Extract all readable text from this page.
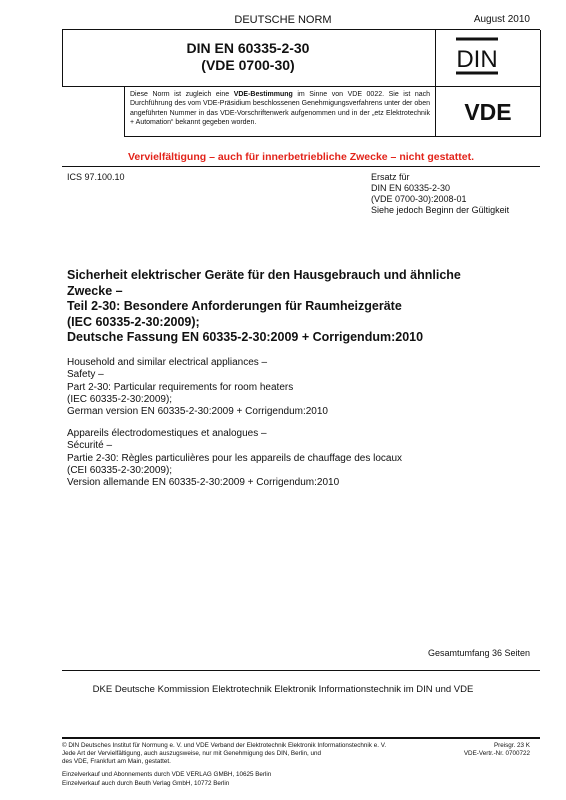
DEUTSCHE NORM	August 2010
DIN EN 60335-2-30
(VDE 0700-30)	DIN
Diese Norm ist zugleich eine VDE-Bestimmung im Sinne von VDE 0022. Sie ist nach Durchführung des vom VDE-Präsidium beschlossenen Genehmigungsverfahrens unter der oben angeführten Nummer in das VDE-Vorschriftenwerk aufgenommen und in der „etz Elektrotechnik + Automation“ bekannt gegeben worden.	VDE
Vervielfältigung – auch für innerbetriebliche Zwecke – nicht gestattet.
ICS 97.100.10	Ersatz für
DIN EN 60335-2-30
(VDE 0700-30):2008-01
Siehe jedoch Beginn der Gültigkeit
Sicherheit elektrischer Geräte für den Hausgebrauch und ähnliche
Zwecke –
Teil 2-30: Besondere Anforderungen für Raumheizgeräte
(IEC 60335-2-30:2009);
Deutsche Fassung EN 60335-2-30:2009 + Corrigendum:2010
Household and similar electrical appliances –
Safety –
Part 2-30: Particular requirements for room heaters
(IEC 60335-2-30:2009);
German version EN 60335-2-30:2009 + Corrigendum:2010
Appareils électrodomestiques et analogues –
Sécurité –
Partie 2-30: Règles particulières pour les appareils de chauffage des locaux
(CEI 60335-2-30:2009);
Version allemande EN 60335-2-30:2009 + Corrigendum:2010
Gesamtumfang 36 Seiten
DKE Deutsche Kommission Elektrotechnik Elektronik Informationstechnik im DIN und VDE
© DIN Deutsches Institut für Normung e. V. und VDE Verband der Elektrotechnik Elektronik Informationstechnik e. V.
Jede Art der Vervielfältigung, auch auszugsweise, nur mit Genehmigung des DIN, Berlin, und
des VDE, Frankfurt am Main, gestattet.
Preisgr. 23 K
VDE-Vertr.-Nr. 0700722
Einzelverkauf und Abonnements durch VDE VERLAG GMBH, 10625 Berlin
Einzelverkauf auch durch Beuth Verlag GmbH, 10772 Berlin
